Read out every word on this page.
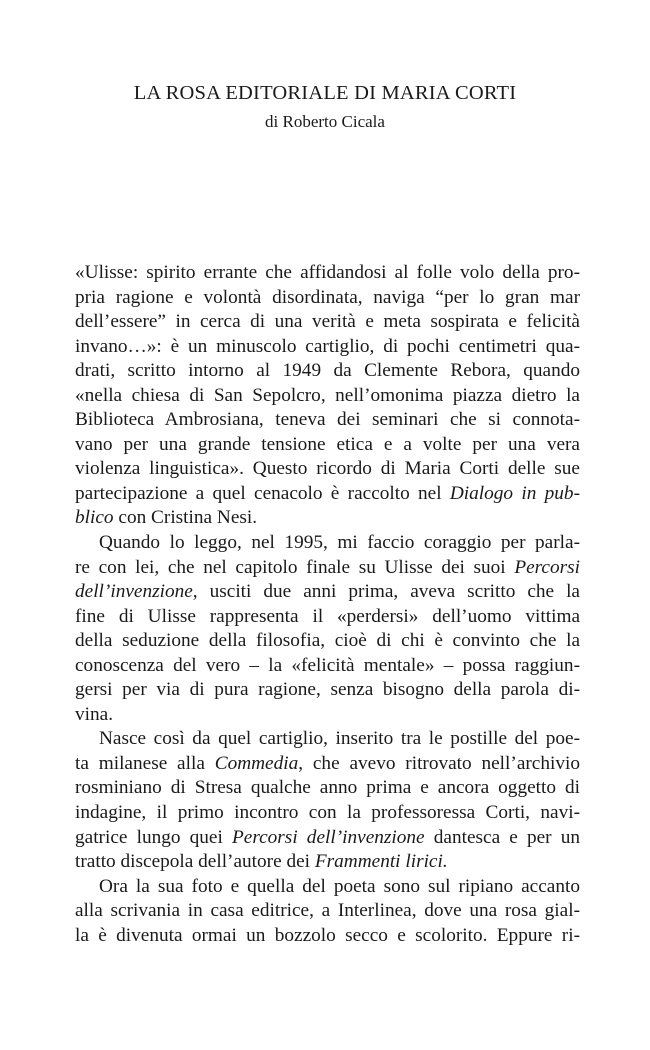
LA ROSA EDITORIALE DI MARIA CORTI
di Roberto Cicala
«Ulisse: spirito errante che affidandosi al folle volo della pro-
pria ragione e volontà disordinata, naviga “per lo gran mar
dell’essere” in cerca di una verità e meta sospirata e felicità
invano…»: è un minuscolo cartiglio, di pochi centimetri qua-
drati, scritto intorno al 1949 da Clemente Rebora, quando
«nella chiesa di San Sepolcro, nell’omonima piazza dietro la
Biblioteca Ambrosiana, teneva dei seminari che si connota-
vano per una grande tensione etica e a volte per una vera
violenza linguistica». Questo ricordo di Maria Corti delle sue
partecipazione a quel cenacolo è raccolto nel Dialogo in pub-
blico con Cristina Nesi.
Quando lo leggo, nel 1995, mi faccio coraggio per parla-
re con lei, che nel capitolo finale su Ulisse dei suoi Percorsi
dell’invenzione, usciti due anni prima, aveva scritto che la
fine di Ulisse rappresenta il «perdersi» dell’uomo vittima
della seduzione della filosofia, cioè di chi è convinto che la
conoscenza del vero – la «felicità mentale» – possa raggiun-
gersi per via di pura ragione, senza bisogno della parola di-
vina.
Nasce così da quel cartiglio, inserito tra le postille del poe-
ta milanese alla Commedia, che avevo ritrovato nell’archivio
rosminiano di Stresa qualche anno prima e ancora oggetto di
indagine, il primo incontro con la professoressa Corti, navi-
gatrice lungo quei Percorsi dell’invenzione dantesca e per un
tratto discepola dell’autore dei Frammenti lirici.
Ora la sua foto e quella del poeta sono sul ripiano accanto
alla scrivania in casa editrice, a Interlinea, dove una rosa gial-
la è divenuta ormai un bozzolo secco e scolorito. Eppure ri-
